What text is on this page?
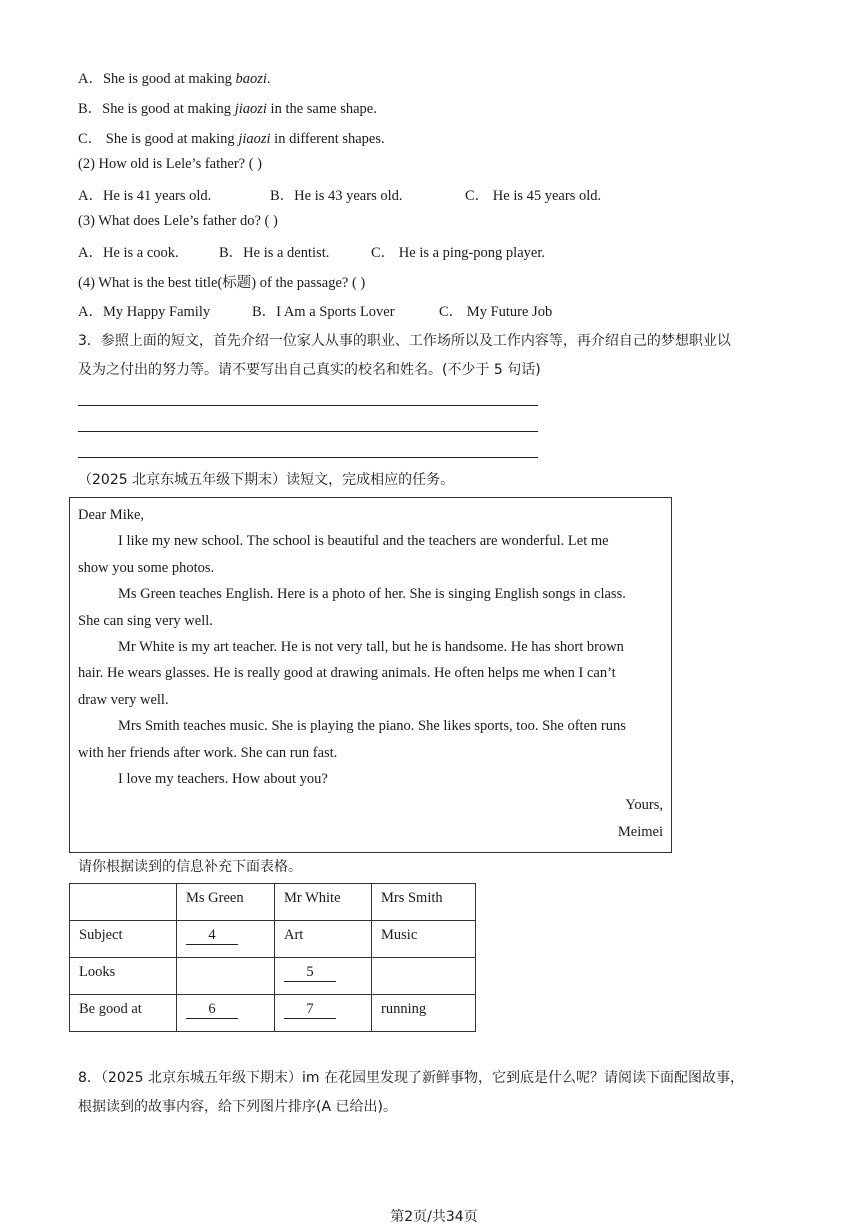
A．She is good at making baozi.
B．She is good at making jiaozi in the same shape.
C． She is good at making jiaozi in different shapes.
(2) How old is Lele’s father? ( )
A．He is 41 years old.	B．He is 43 years old.	C． He is 45 years old.
(3) What does Lele’s father do? ( )
A．He is a cook.	B．He is a dentist.	C． He is a ping-pong player.
(4) What is the best title(标题) of the passage? ( )
A．My Happy Family	B．I Am a Sports Lover	C． My Future Job
3．参照上面的短文，首先介绍一位家人从事的职业、工作场所以及工作内容等，再介绍自己的梦想职业以
及为之付出的努力等。请不要写出自己真实的校名和姓名。(不少于 5 句话)
（2025 北京东城五年级下期末）读短文，完成相应的任务。
Dear Mike,
I like my new school. The school is beautiful and the teachers are wonderful. Let me
show you some photos.
Ms Green teaches English. Here is a photo of her. She is singing English songs in class.
She can sing very well.
Mr White is my art teacher. He is not very tall, but he is handsome. He has short brown
hair. He wears glasses. He is really good at drawing animals. He often helps me when I can’t
draw very well.
Mrs Smith teaches music. She is playing the piano. She likes sports, too. She often runs
with her friends after work. She can run fast.
I love my teachers. How about you?
Yours,
Meimei
请你根据读到的信息补充下面表格。
	Ms Green	Mr White	Mrs Smith
Subject	4	Art	Music
Looks		5	
Be good at	6	7	running
8．（2025 北京东城五年级下期末）im 在花园里发现了新鲜事物，它到底是什么呢？请阅读下面配图故事，
根据读到的故事内容，给下列图片排序(A 已给出)。
第2页/共34页
